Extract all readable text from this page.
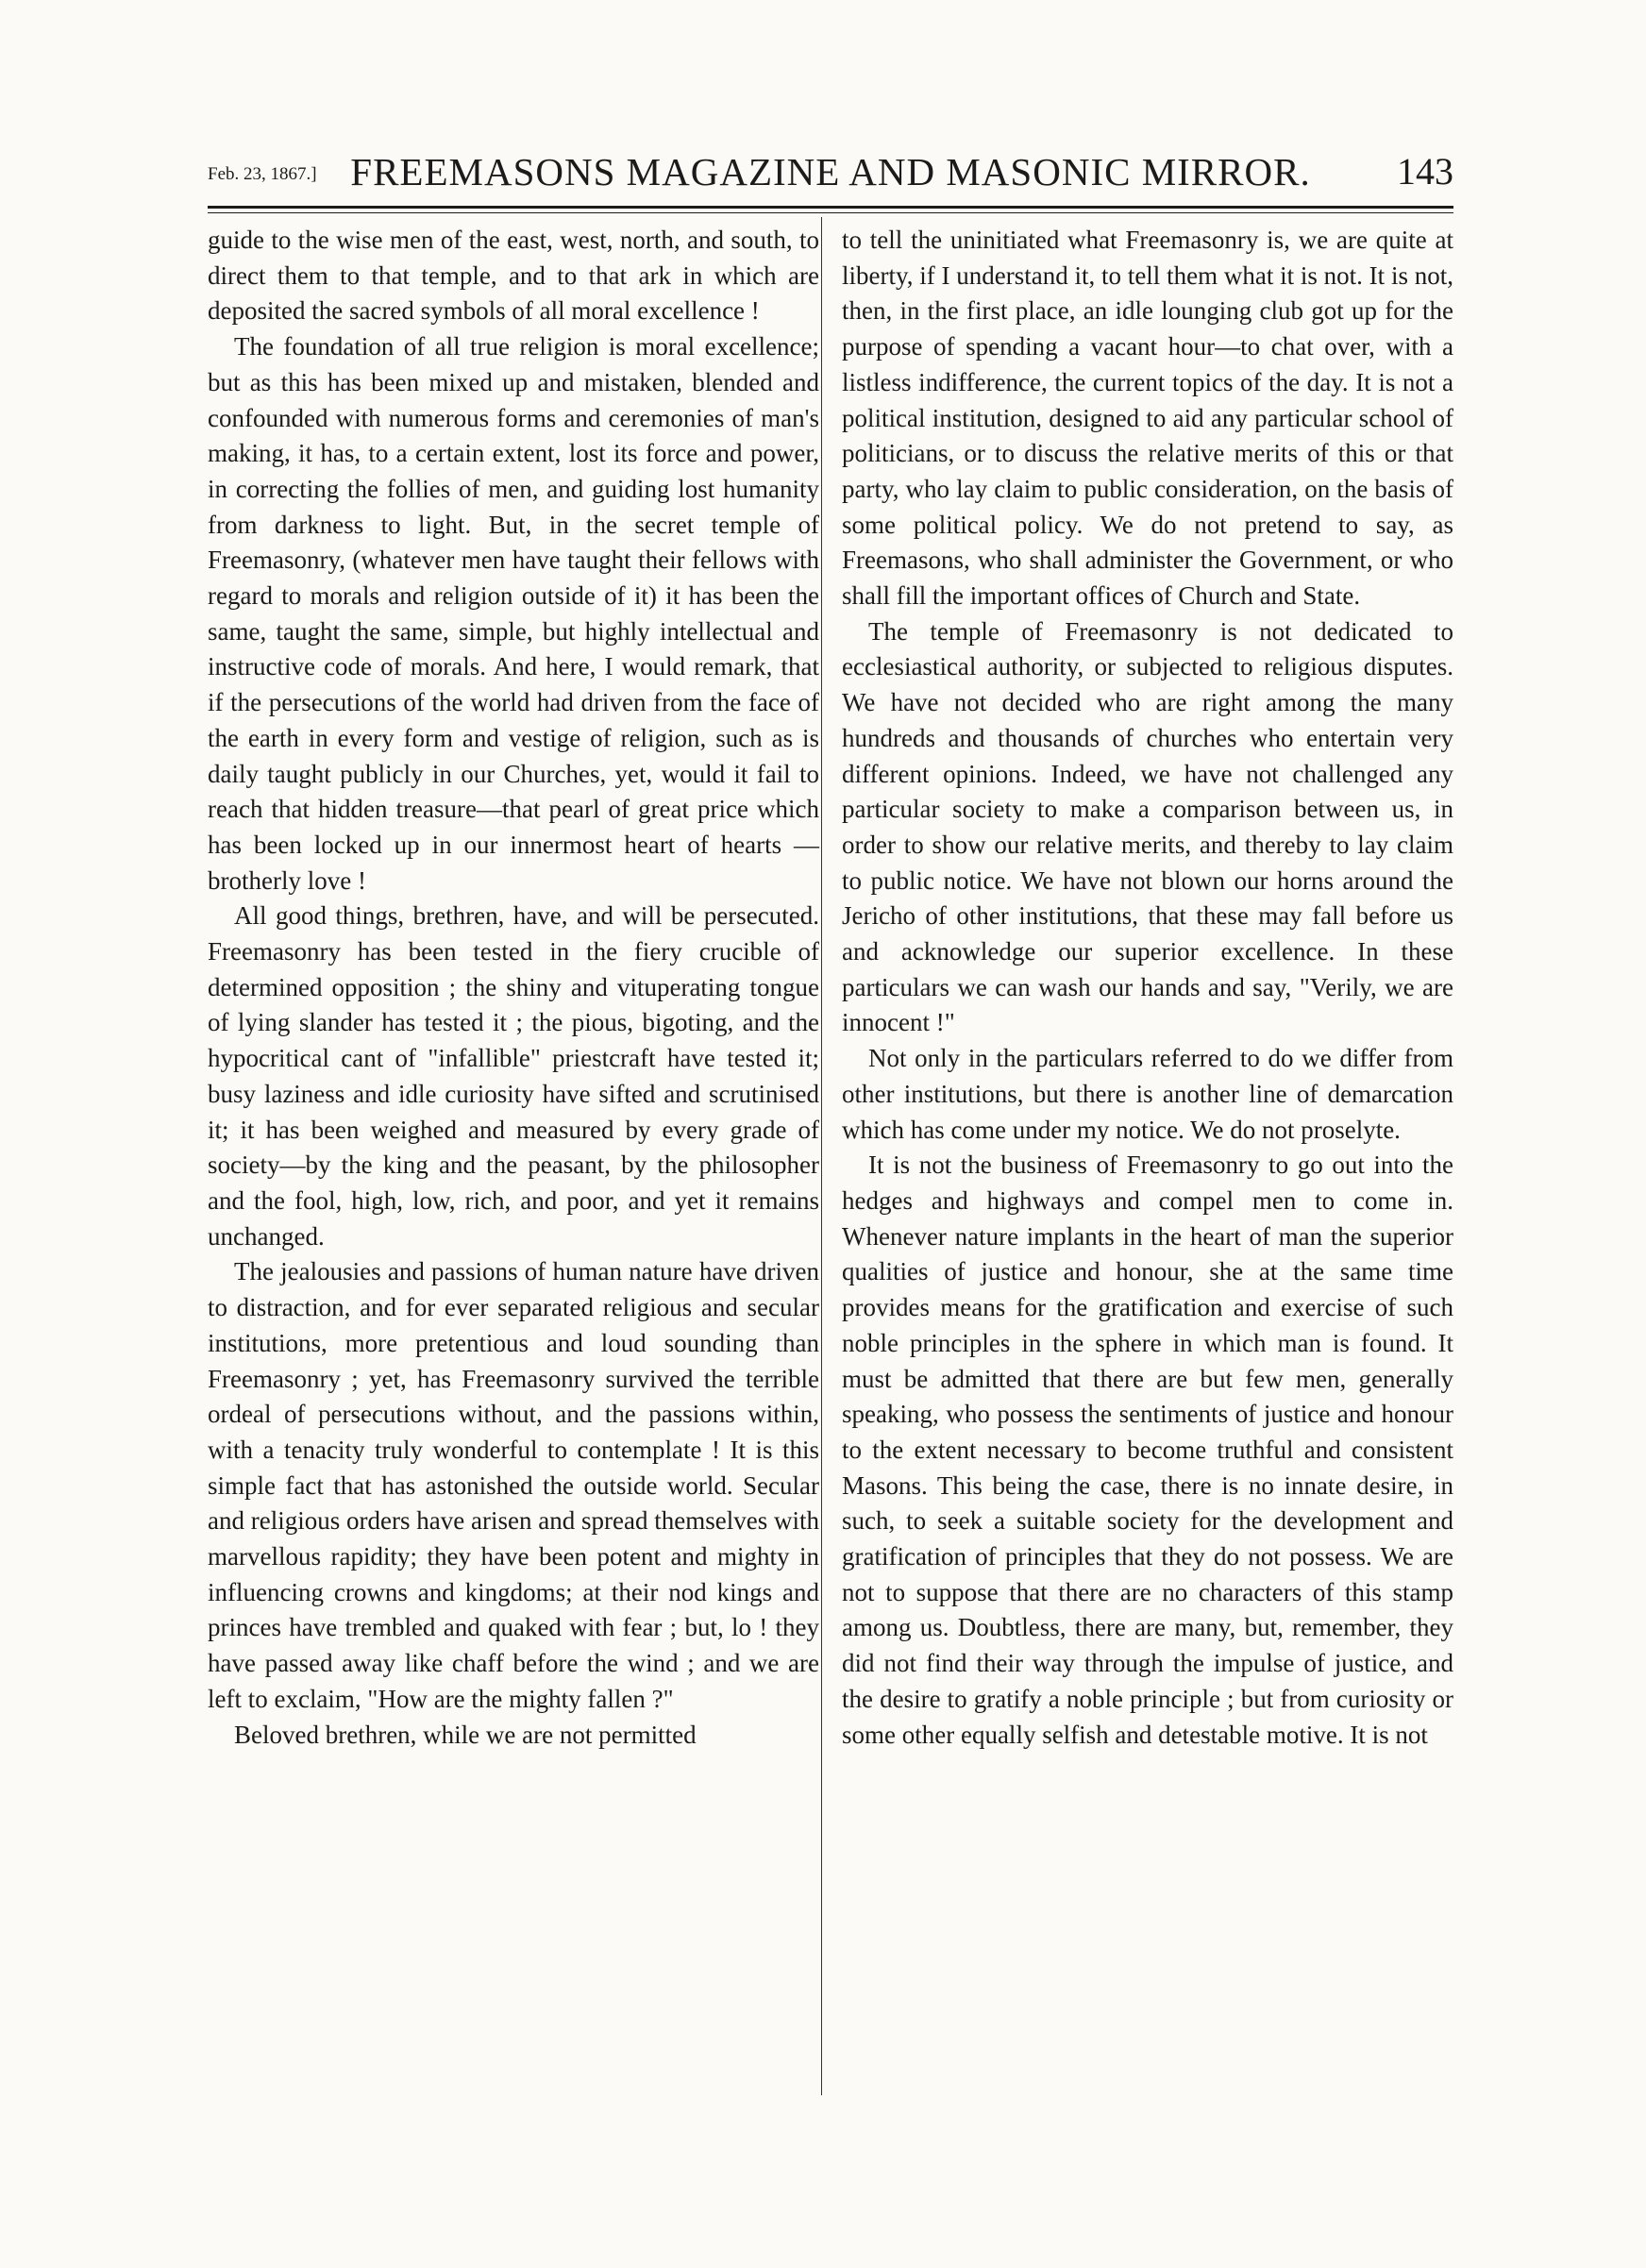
Feb. 23, 1867.] FREEMASONS MAGAZINE AND MASONIC MIRROR.	143

guide to the wise men of the east, west, north, and south, to direct them to that temple, and to that ark in which are deposited the sacred symbols of all moral excellence !

The foundation of all true religion is moral excellence; but as this has been mixed up and mistaken, blended and confounded with numerous forms and ceremonies of man's making, it has, to a certain extent, lost its force and power, in correcting the follies of men, and guiding lost humanity from darkness to light. But, in the secret temple of Freemasonry, (whatever men have taught their fellows with regard to morals and religion outside of it) it has been the same, taught the same, simple, but highly intellectual and instructive code of morals. And here, I would remark, that if the persecutions of the world had driven from the face of the earth in every form and vestige of religion, such as is daily taught publicly in our Churches, yet, would it fail to reach that hidden treasure—that pearl of great price which has been locked up in our innermost heart of hearts —brotherly love !

All good things, brethren, have, and will be persecuted. Freemasonry has been tested in the fiery crucible of determined opposition ; the shiny and vituperating tongue of lying slander has tested it ; the pious, bigoting, and the hypocritical cant of "infallible" priestcraft have tested it; busy laziness and idle curiosity have sifted and scrutinised it; it has been weighed and measured by every grade of society—by the king and the peasant, by the philosopher and the fool, high, low, rich, and poor, and yet it remains unchanged.

The jealousies and passions of human nature have driven to distraction, and for ever separated religious and secular institutions, more pretentious and loud sounding than Freemasonry ; yet, has Freemasonry survived the terrible ordeal of persecutions without, and the passions within, with a tenacity truly wonderful to contemplate ! It is this simple fact that has astonished the outside world. Secular and religious orders have arisen and spread themselves with marvellous rapidity; they have been potent and mighty in influencing crowns and kingdoms; at their nod kings and princes have trembled and quaked with fear ; but, lo ! they have passed away like chaff before the wind ; and we are left to exclaim, "How are the mighty fallen ?"

Beloved brethren, while we are not permitted

to tell the uninitiated what Freemasonry is, we are quite at liberty, if I understand it, to tell them what it is not. It is not, then, in the first place, an idle lounging club got up for the purpose of spending a vacant hour—to chat over, with a listless indifference, the current topics of the day. It is not a political institution, designed to aid any particular school of politicians, or to discuss the relative merits of this or that party, who lay claim to public consideration, on the basis of some political policy. We do not pretend to say, as Freemasons, who shall administer the Government, or who shall fill the important offices of Church and State.

The temple of Freemasonry is not dedicated to ecclesiastical authority, or subjected to religious disputes. We have not decided who are right among the many hundreds and thousands of churches who entertain very different opinions. Indeed, we have not challenged any particular society to make a comparison between us, in order to show our relative merits, and thereby to lay claim to public notice. We have not blown our horns around the Jericho of other institutions, that these may fall before us and acknowledge our superior excellence. In these particulars we can wash our hands and say, "Verily, we are innocent !"

Not only in the particulars referred to do we differ from other institutions, but there is another line of demarcation which has come under my notice. We do not proselyte.

It is not the business of Freemasonry to go out into the hedges and highways and compel men to come in. Whenever nature implants in the heart of man the superior qualities of justice and honour, she at the same time provides means for the gratification and exercise of such noble principles in the sphere in which man is found. It must be admitted that there are but few men, generally speaking, who possess the sentiments of justice and honour to the extent necessary to become truthful and consistent Masons. This being the case, there is no innate desire, in such, to seek a suitable society for the development and gratification of principles that they do not possess. We are not to suppose that there are no characters of this stamp among us. Doubtless, there are many, but, remember, they did not find their way through the impulse of justice, and the desire to gratify a noble principle ; but from curiosity or some other equally selfish and detestable motive. It is not
